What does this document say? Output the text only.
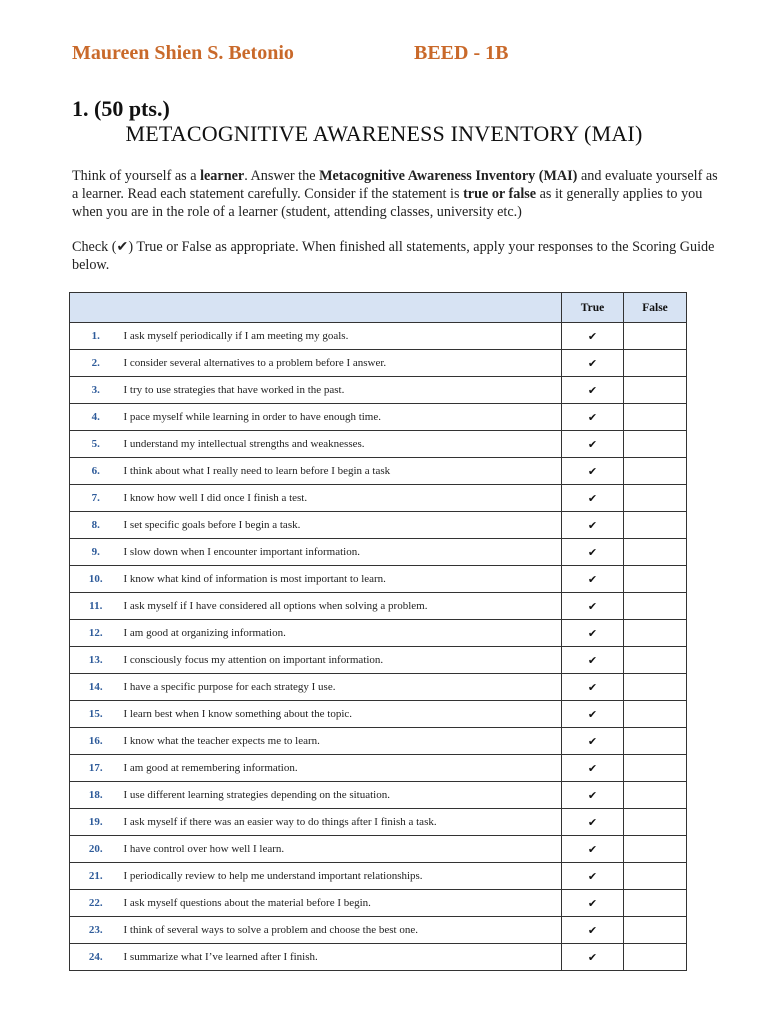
Maureen Shien S. Betonio	BEED - 1B
1. (50 pts.)
METACOGNITIVE AWARENESS INVENTORY (MAI)
Think of yourself as a learner. Answer the Metacognitive Awareness Inventory (MAI) and evaluate yourself as a learner. Read each statement carefully. Consider if the statement is true or false as it generally applies to you when you are in the role of a learner (student, attending classes, university etc.)
Check (✔) True or False as appropriate. When finished all statements, apply your responses to the Scoring Guide below.
		True	False
1.	I ask myself periodically if I am meeting my goals.	✔	
2.	I consider several alternatives to a problem before I answer.	✔	
3.	I try to use strategies that have worked in the past.	✔	
4.	I pace myself while learning in order to have enough time.	✔	
5.	I understand my intellectual strengths and weaknesses.	✔	
6.	I think about what I really need to learn before I begin a task	✔	
7.	I know how well I did once I finish a test.	✔	
8.	I set specific goals before I begin a task.	✔	
9.	I slow down when I encounter important information.	✔	
10.	I know what kind of information is most important to learn.	✔	
11.	I ask myself if I have considered all options when solving a problem.	✔	
12.	I am good at organizing information.	✔	
13.	I consciously focus my attention on important information.	✔	
14.	I have a specific purpose for each strategy I use.	✔	
15.	I learn best when I know something about the topic.	✔	
16.	I know what the teacher expects me to learn.	✔	
17.	I am good at remembering information.	✔	
18.	I use different learning strategies depending on the situation.	✔	
19.	I ask myself if there was an easier way to do things after I finish a task.	✔	
20.	I have control over how well I learn.	✔	
21.	I periodically review to help me understand important relationships.	✔	
22.	I ask myself questions about the material before I begin.	✔	
23.	I think of several ways to solve a problem and choose the best one.	✔	
24.	I summarize what I’ve learned after I finish.	✔	
